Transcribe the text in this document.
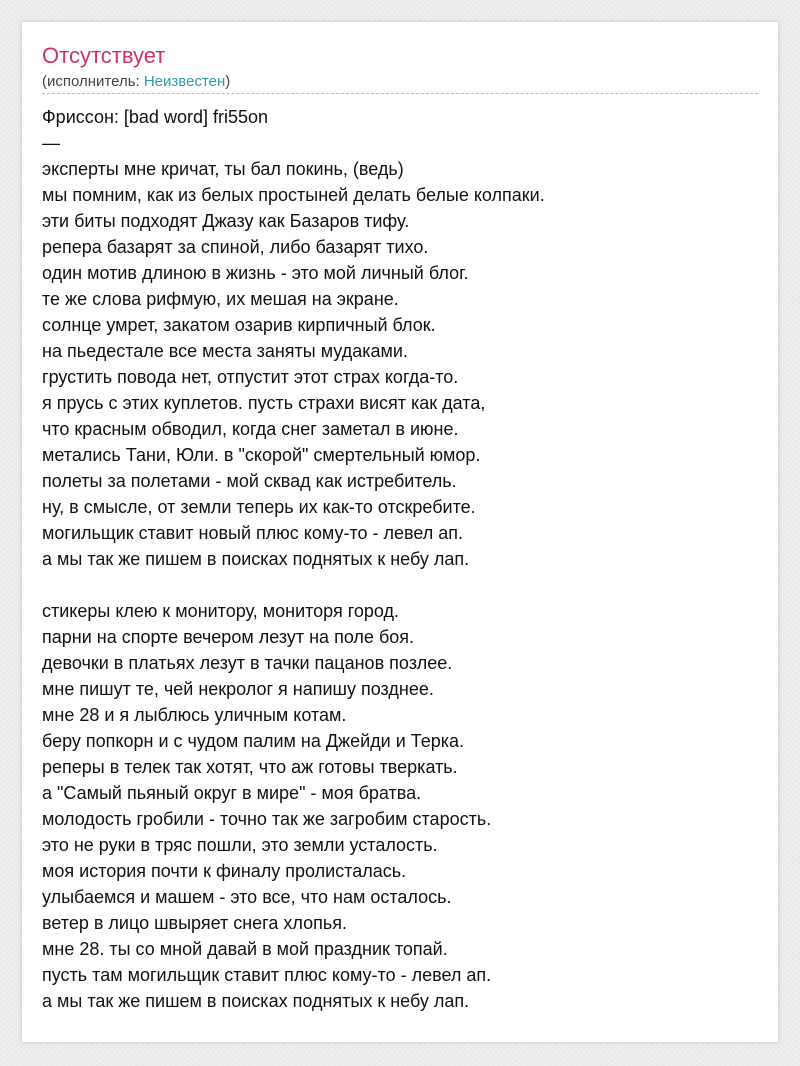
Отсутствует
(исполнитель: Неизвестен)
Фриссон: [bad word] fri55on
—
эксперты мне кричат, ты бал покинь, (ведь)
мы помним, как из белых простыней делать белые колпаки.
эти биты подходят Джазу как Базаров тифу.
репера базарят за спиной, либо базарят тихо.
один мотив длиною в жизнь - это мой личный блог.
те же слова рифмую, их мешая на экране.
солнце умрет, закатом озарив кирпичный блок.
на пьедестале все места заняты мудаками.
грустить повода нет, отпустит этот страх когда-то.
я прусь с этих куплетов. пусть страхи висят как дата,
что красным обводил, когда снег заметал в июне.
метались Тани, Юли. в "скорой" смертельный юмор.
полеты за полетами - мой сквад как истребитель.
ну, в смысле, от земли теперь их как-то отскребите.
могильщик ставит новый плюс кому-то - левел ап.
а мы так же пишем в поисках поднятых к небу лап.
стикеры клею к монитору, мониторя город.
парни на спорте вечером лезут на поле боя.
девочки в платьях лезут в тачки пацанов позлее.
мне пишут те, чей некролог я напишу позднее.
мне 28 и я лыблюсь уличным котам.
беру попкорн и с чудом палим на Джейди и Терка.
реперы в телек так хотят, что аж готовы тверкать.
а "Самый пьяный округ в мире" - моя братва.
молодость гробили - точно так же загробим старость.
это не руки в тряс пошли, это земли усталость.
моя история почти к финалу пролисталась.
улыбаемся и машем - это все, что нам осталось.
ветер в лицо швыряет снега хлопья.
мне 28. ты со мной давай в мой праздник топай.
пусть там могильщик ставит плюс кому-то - левел ап.
а мы так же пишем в поисках поднятых к небу лап.
